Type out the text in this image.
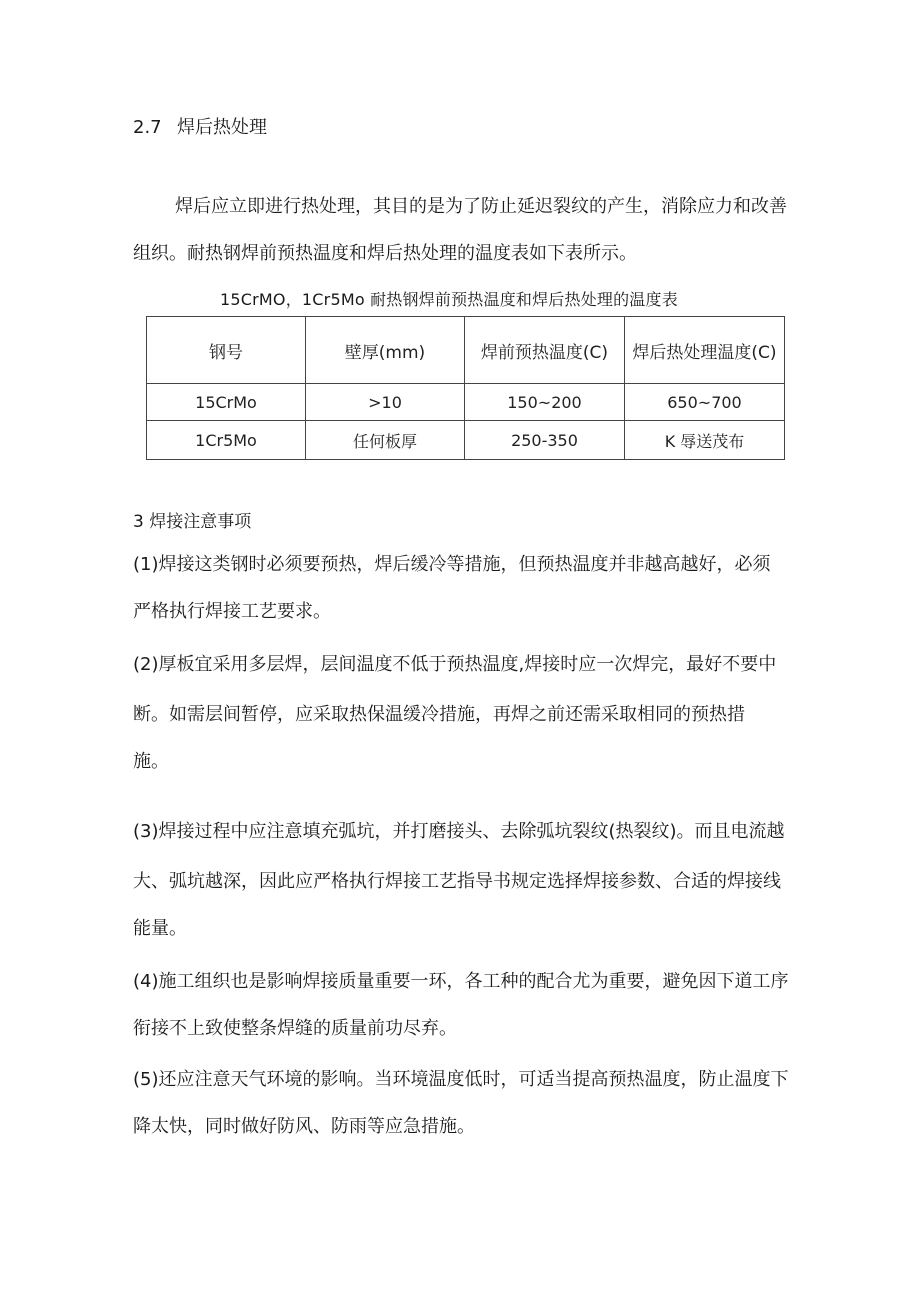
2.7 焊后热处理
焊后应立即进行热处理，其目的是为了防止延迟裂纹的产生，消除应力和改善
组织。耐热钢焊前预热温度和焊后热处理的温度表如下表所示。
15CrMO，1Cr5Mo 耐热钢焊前预热温度和焊后热处理的温度表
钢号	壁厚(mm)	焊前预热温度(C)	焊后热处理温度(C)
15CrMo	>10	150~200	650~700
1Cr5Mo	任何板厚	250-350	K 辱送茂布
3 焊接注意事项
(1)焊接这类钢时必须要预热，焊后缓冷等措施，但预热温度并非越高越好，必须
严格执行焊接工艺要求。
(2)厚板宜采用多层焊，层间温度不低于预热温度,焊接时应一次焊完，最好不要中
断。如需层间暂停，应采取热保温缓冷措施，再焊之前还需采取相同的预热措
施。
(3)焊接过程中应注意填充弧坑，并打磨接头、去除弧坑裂纹(热裂纹)。而且电流越
大、弧坑越深，因此应严格执行焊接工艺指导书规定选择焊接参数、合适的焊接线
能量。
(4)施工组织也是影响焊接质量重要一环，各工种的配合尤为重要，避免因下道工序
衔接不上致使整条焊缝的质量前功尽弃。
(5)还应注意天气环境的影响。当环境温度低时，可适当提高预热温度，防止温度下
降太快，同时做好防风、防雨等应急措施。
